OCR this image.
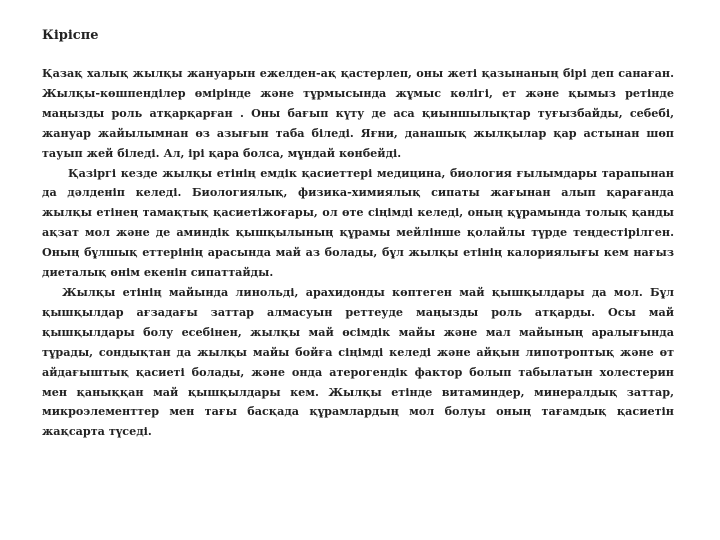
Кіріспе

Қазақ халық жылқы жануарын ежелден-ақ қастерлеп, оны жеті қазынаның бірі деп санаған. Жылқы-көшпенділер өмірінде және тұрмысында жұмыс көлігі, ет және қымыз ретінде маңызды роль атқарқарған . Оны бағып күту де аса қиыншылықтар туғызбайды, себебі, жануар жайылымнан өз азығын таба біледі. Яғни, данашық жылқылар қар астынан шөп тауып жей біледі. Ал, ірі қара болса, мұндай көнбейді.

Қазіргі кезде жылқы етінің емдік қасиеттері медицина, биология ғылымдары тарапынан да дәлденіп келеді. Биологиялық, физика-химиялық сипаты жағынан алып қарағанда жылқы етінең тамақтық қасиетіжоғары, ол өте сіңімді келеді, оның құрамында толық қанды ақзат мол және де аминдік қышқылының құрамы мейлінше қолайлы түрде теңдестірілген. Оның бұлшық еттерінің арасында май аз болады, бұл жылқы етінің калориялығы кем нағыз диеталық өнім екенін сипаттайды.

Жылқы етінің майында линольді, арахидонды көптеген май қышқылдары да мол. Бұл қышқылдар ағзадағы заттар алмасуын реттеуде маңызды роль атқарды. Осы май қышқылдары болу есебінен, жылқы май өсімдік майы және мал майының аралығында тұрады, сондықтан да жылқы майы бойға сіңімді келеді және айқын липотроптық және өт айдағыштық қасиеті болады, және онда атерогендік фактор болып табылатын холестерин мен қаныққан май қышқылдары кем. Жылқы етінде витаминдер, минералдық заттар, микроэлементтер мен тағы басқада құрамлардың мол болуы оның тағамдық қасиетін жақсарта түседі.
